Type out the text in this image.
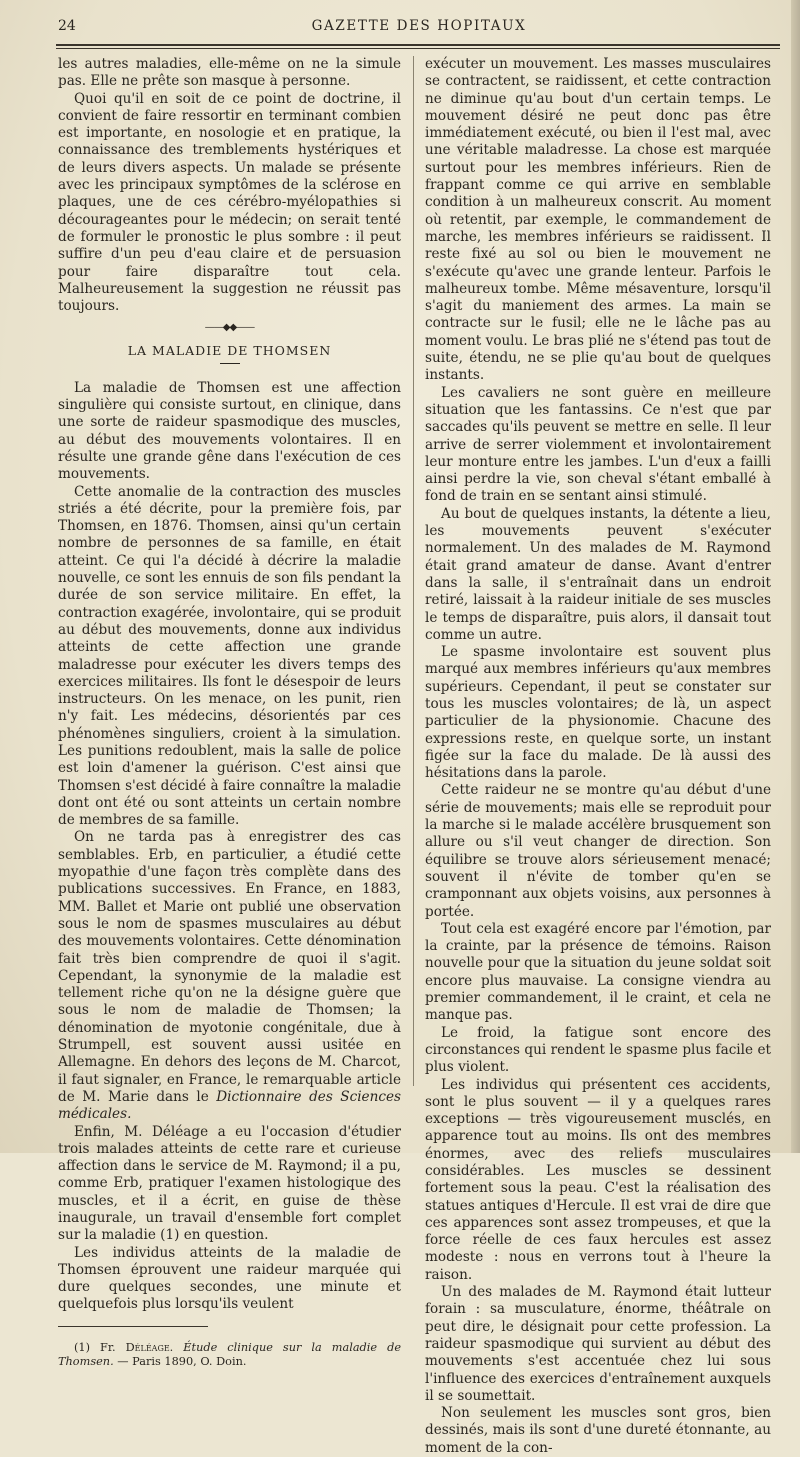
24	GAZETTE DES HOPITAUX

les autres maladies, elle-même on ne la simule pas. Elle ne prête son masque à personne.

Quoi qu'il en soit de ce point de doctrine, il convient de faire ressortir en terminant combien est importante, en nosologie et en pratique, la connaissance des tremblements hystériques et de leurs divers aspects. Un malade se présente avec les principaux symptômes de la sclérose en plaques, une de ces cérébro-myélopathies si décourageantes pour le médecin; on serait tenté de formuler le pronostic le plus sombre : il peut suffire d'un peu d'eau claire et de persuasion pour faire disparaître tout cela. Malheureusement la suggestion ne réussit pas toujours.

——◆◆——

LA MALADIE DE THOMSEN

La maladie de Thomsen est une affection singulière qui consiste surtout, en clinique, dans une sorte de raideur spasmodique des muscles, au début des mouvements volontaires. Il en résulte une grande gêne dans l'exécution de ces mouvements.

Cette anomalie de la contraction des muscles striés a été décrite, pour la première fois, par Thomsen, en 1876. Thomsen, ainsi qu'un certain nombre de personnes de sa famille, en était atteint. Ce qui l'a décidé à décrire la maladie nouvelle, ce sont les ennuis de son fils pendant la durée de son service militaire. En effet, la contraction exagérée, involontaire, qui se produit au début des mouvements, donne aux individus atteints de cette affection une grande maladresse pour exécuter les divers temps des exercices militaires. Ils font le désespoir de leurs instructeurs. On les menace, on les punit, rien n'y fait. Les médecins, désorientés par ces phénomènes singuliers, croient à la simulation. Les punitions redoublent, mais la salle de police est loin d'amener la guérison. C'est ainsi que Thomsen s'est décidé à faire connaître la maladie dont ont été ou sont atteints un certain nombre de membres de sa famille.

On ne tarda pas à enregistrer des cas semblables. Erb, en particulier, a étudié cette myopathie d'une façon très complète dans des publications successives. En France, en 1883, MM. Ballet et Marie ont publié une observation sous le nom de spasmes musculaires au début des mouvements volontaires. Cette dénomination fait très bien comprendre de quoi il s'agit. Cependant, la synonymie de la maladie est tellement riche qu'on ne la désigne guère que sous le nom de maladie de Thomsen; la dénomination de myotonie congénitale, due à Strumpell, est souvent aussi usitée en Allemagne. En dehors des leçons de M. Charcot, il faut signaler, en France, le remarquable article de M. Marie dans le Dictionnaire des Sciences médicales.

Enfin, M. Déléage a eu l'occasion d'étudier trois malades atteints de cette rare et curieuse affection dans le service de M. Raymond; il a pu, comme Erb, pratiquer l'examen histologique des muscles, et il a écrit, en guise de thèse inaugurale, un travail d'ensemble fort complet sur la maladie (1) en question.

Les individus atteints de la maladie de Thomsen éprouvent une raideur marquée qui dure quelques secondes, une minute et quelquefois plus lorsqu'ils veulent

(1) Fr. Déléage. Étude clinique sur la maladie de Thomsen. — Paris 1890, O. Doin.

exécuter un mouvement. Les masses musculaires se contractent, se raidissent, et cette contraction ne diminue qu'au bout d'un certain temps. Le mouvement désiré ne peut donc pas être immédiatement exécuté, ou bien il l'est mal, avec une véritable maladresse. La chose est marquée surtout pour les membres inférieurs. Rien de frappant comme ce qui arrive en semblable condition à un malheureux conscrit. Au moment où retentit, par exemple, le commandement de marche, les membres inférieurs se raidissent. Il reste fixé au sol ou bien le mouvement ne s'exécute qu'avec une grande lenteur. Parfois le malheureux tombe. Même mésaventure, lorsqu'il s'agit du maniement des armes. La main se contracte sur le fusil; elle ne le lâche pas au moment voulu. Le bras plié ne s'étend pas tout de suite, étendu, ne se plie qu'au bout de quelques instants.

Les cavaliers ne sont guère en meilleure situation que les fantassins. Ce n'est que par saccades qu'ils peuvent se mettre en selle. Il leur arrive de serrer violemment et involontairement leur monture entre les jambes. L'un d'eux a failli ainsi perdre la vie, son cheval s'étant emballé à fond de train en se sentant ainsi stimulé.

Au bout de quelques instants, la détente a lieu, les mouvements peuvent s'exécuter normalement. Un des malades de M. Raymond était grand amateur de danse. Avant d'entrer dans la salle, il s'entraînait dans un endroit retiré, laissait à la raideur initiale de ses muscles le temps de disparaître, puis alors, il dansait tout comme un autre.

Le spasme involontaire est souvent plus marqué aux membres inférieurs qu'aux membres supérieurs. Cependant, il peut se constater sur tous les muscles volontaires; de là, un aspect particulier de la physionomie. Chacune des expressions reste, en quelque sorte, un instant figée sur la face du malade. De là aussi des hésitations dans la parole.

Cette raideur ne se montre qu'au début d'une série de mouvements; mais elle se reproduit pour la marche si le malade accélère brusquement son allure ou s'il veut changer de direction. Son équilibre se trouve alors sérieusement menacé; souvent il n'évite de tomber qu'en se cramponnant aux objets voisins, aux personnes à portée.

Tout cela est exagéré encore par l'émotion, par la crainte, par la présence de témoins. Raison nouvelle pour que la situation du jeune soldat soit encore plus mauvaise. La consigne viendra au premier commandement, il le craint, et cela ne manque pas.

Le froid, la fatigue sont encore des circonstances qui rendent le spasme plus facile et plus violent.

Les individus qui présentent ces accidents, sont le plus souvent — il y a quelques rares exceptions — très vigoureusement musclés, en apparence tout au moins. Ils ont des membres énormes, avec des reliefs musculaires considérables. Les muscles se dessinent fortement sous la peau. C'est la réalisation des statues antiques d'Hercule. Il est vrai de dire que ces apparences sont assez trompeuses, et que la force réelle de ces faux hercules est assez modeste : nous en verrons tout à l'heure la raison.

Un des malades de M. Raymond était lutteur forain : sa musculature, énorme, théâtrale on peut dire, le désignait pour cette profession. La raideur spasmodique qui survient au début des mouvements s'est accentuée chez lui sous l'influence des exercices d'entraînement auxquels il se soumettait.

Non seulement les muscles sont gros, bien dessinés, mais ils sont d'une dureté étonnante, au moment de la con-
